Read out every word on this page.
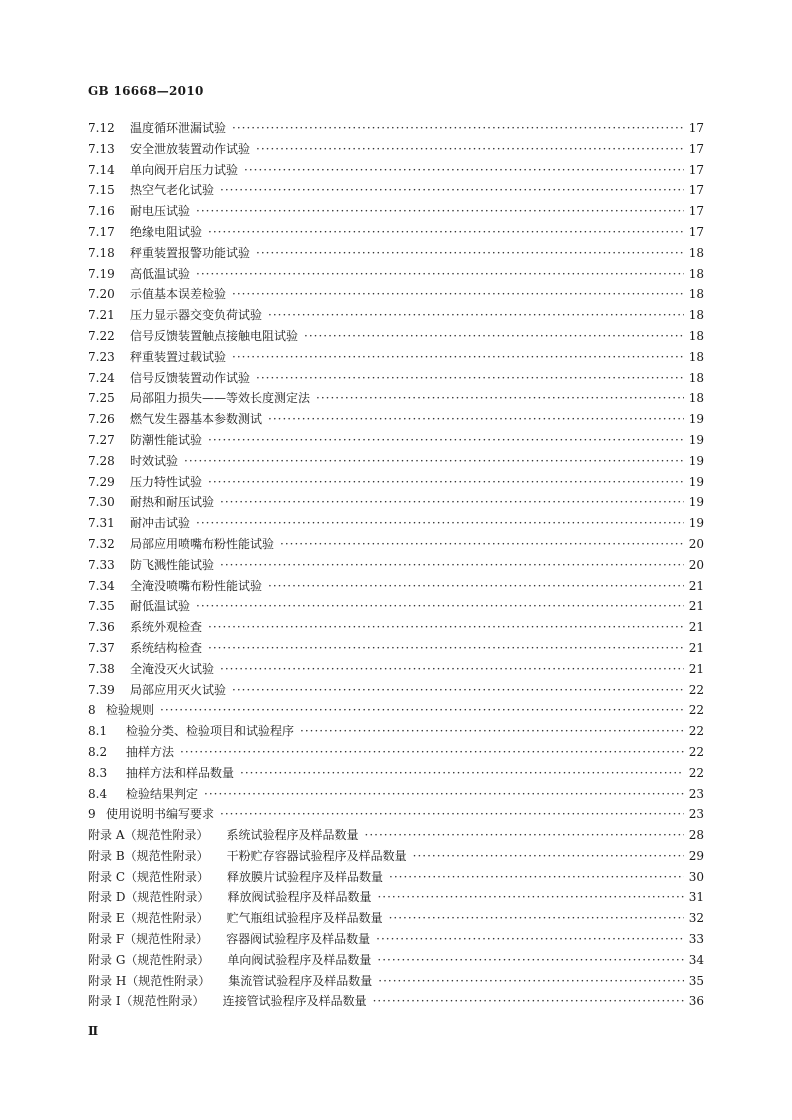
GB 16668—2010
7.12	温度循环泄漏试验 ·····	17
7.13	安全泄放装置动作试验 ·····	17
7.14	单向阀开启压力试验 ·····	17
7.15	热空气老化试验 ·····	17
7.16	耐电压试验 ·····	17
7.17	绝缘电阻试验 ·····	17
7.18	秤重装置报警功能试验 ·····	18
7.19	高低温试验 ·····	18
7.20	示值基本误差检验 ·····	18
7.21	压力显示器交变负荷试验 ·····	18
7.22	信号反馈装置触点接触电阻试验 ·····	18
7.23	秤重装置过载试验 ·····	18
7.24	信号反馈装置动作试验 ·····	18
7.25	局部阻力损失——等效长度测定法 ·····	18
7.26	燃气发生器基本参数测试 ·····	19
7.27	防潮性能试验 ·····	19
7.28	时效试验 ·····	19
7.29	压力特性试验 ·····	19
7.30	耐热和耐压试验 ·····	19
7.31	耐冲击试验 ·····	19
7.32	局部应用喷嘴布粉性能试验 ·····	20
7.33	防飞溅性能试验 ·····	20
7.34	全淹没喷嘴布粉性能试验 ·····	21
7.35	耐低温试验 ·····	21
7.36	系统外观检查 ·····	21
7.37	系统结构检查 ·····	21
7.38	全淹没灭火试验 ·····	21
7.39	局部应用灭火试验 ·····	22
8 检验规则 ·····	22
8.1	检验分类、检验项目和试验程序 ·····	22
8.2	抽样方法 ·····	22
8.3	抽样方法和样品数量 ·····	22
8.4	检验结果判定 ·····	23
9 使用说明书编写要求 ·····	23
附录 A（规范性附录） 系统试验程序及样品数量 ·····	28
附录 B（规范性附录） 干粉贮存容器试验程序及样品数量 ·····	29
附录 C（规范性附录） 释放膜片试验程序及样品数量 ·····	30
附录 D（规范性附录） 释放阀试验程序及样品数量 ·····	31
附录 E（规范性附录） 贮气瓶组试验程序及样品数量 ·····	32
附录 F（规范性附录） 容器阀试验程序及样品数量 ·····	33
附录 G（规范性附录） 单向阀试验程序及样品数量 ·····	34
附录 H（规范性附录） 集流管试验程序及样品数量 ·····	35
附录 I（规范性附录） 连接管试验程序及样品数量 ·····	36
Ⅱ
